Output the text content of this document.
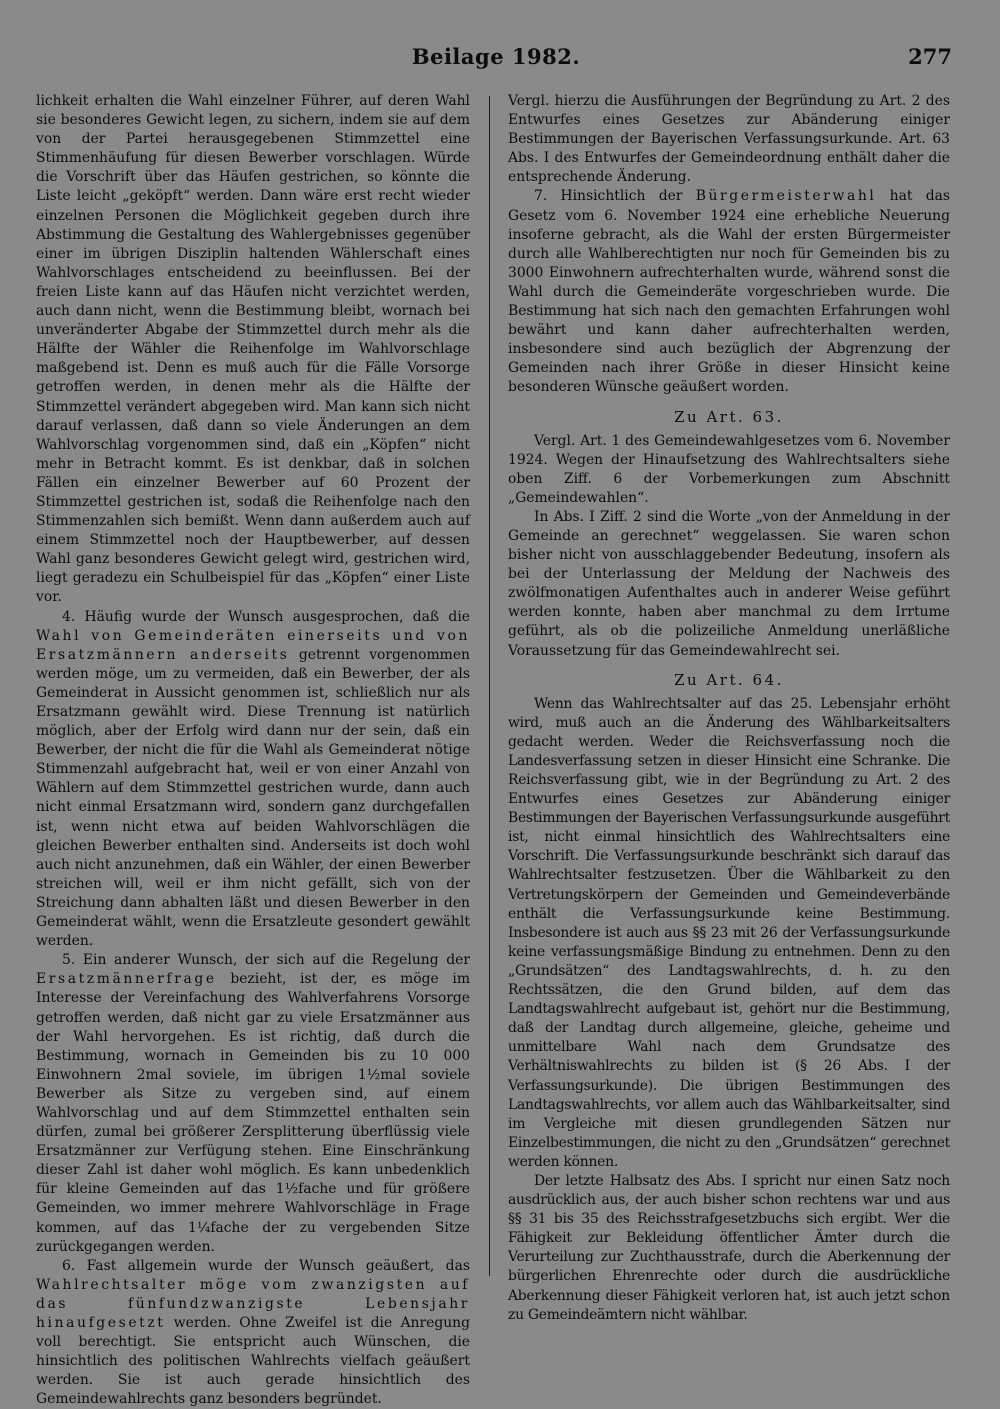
Beilage 1982.	277

lichkeit erhalten die Wahl einzelner Führer, auf deren Wahl sie besonderes Gewicht legen, zu sichern, indem sie auf dem von der Partei herausgegebenen Stimmzettel eine Stimmenhäufung für diesen Bewerber vorschlagen. Würde die Vorschrift über das Häufen gestrichen, so könnte die Liste leicht „geköpft“ werden. Dann wäre erst recht wieder einzelnen Personen die Möglichkeit gegeben durch ihre Abstimmung die Gestaltung des Wahlergebnisses gegenüber einer im übrigen Disziplin haltenden Wählerschaft eines Wahlvorschlages entscheidend zu beeinflussen. Bei der freien Liste kann auf das Häufen nicht verzichtet werden, auch dann nicht, wenn die Bestimmung bleibt, wornach bei unveränderter Abgabe der Stimmzettel durch mehr als die Hälfte der Wähler die Reihenfolge im Wahlvorschlage maßgebend ist. Denn es muß auch für die Fälle Vorsorge getroffen werden, in denen mehr als die Hälfte der Stimmzettel verändert abgegeben wird. Man kann sich nicht darauf verlassen, daß dann so viele Änderungen an dem Wahlvorschlag vorgenommen sind, daß ein „Köpfen“ nicht mehr in Betracht kommt. Es ist denkbar, daß in solchen Fällen ein einzelner Bewerber auf 60 Prozent der Stimmzettel gestrichen ist, sodaß die Reihenfolge nach den Stimmenzahlen sich bemißt. Wenn dann außerdem auch auf einem Stimmzettel noch der Hauptbewerber, auf dessen Wahl ganz besonderes Gewicht gelegt wird, gestrichen wird, liegt geradezu ein Schulbeispiel für das „Köpfen“ einer Liste vor.

4. Häufig wurde der Wunsch ausgesprochen, daß die Wahl von Gemeinderäten einerseits und von Ersatzmännern anderseits getrennt vorgenommen werden möge, um zu vermeiden, daß ein Bewerber, der als Gemeinderat in Aussicht genommen ist, schließlich nur als Ersatzmann gewählt wird. Diese Trennung ist natürlich möglich, aber der Erfolg wird dann nur der sein, daß ein Bewerber, der nicht die für die Wahl als Gemeinderat nötige Stimmenzahl aufgebracht hat, weil er von einer Anzahl von Wählern auf dem Stimmzettel gestrichen wurde, dann auch nicht einmal Ersatzmann wird, sondern ganz durchgefallen ist, wenn nicht etwa auf beiden Wahlvorschlägen die gleichen Bewerber enthalten sind. Anderseits ist doch wohl auch nicht anzunehmen, daß ein Wähler, der einen Bewerber streichen will, weil er ihm nicht gefällt, sich von der Streichung dann abhalten läßt und diesen Bewerber in den Gemeinderat wählt, wenn die Ersatzleute gesondert gewählt werden.

5. Ein anderer Wunsch, der sich auf die Regelung der Ersatzmännerfrage bezieht, ist der, es möge im Interesse der Vereinfachung des Wahlverfahrens Vorsorge getroffen werden, daß nicht gar zu viele Ersatzmänner aus der Wahl hervorgehen. Es ist richtig, daß durch die Bestimmung, wornach in Gemeinden bis zu 10 000 Einwohnern 2mal soviele, im übrigen 1½mal soviele Bewerber als Sitze zu vergeben sind, auf einem Wahlvorschlag und auf dem Stimmzettel enthalten sein dürfen, zumal bei größerer Zersplitterung überflüssig viele Ersatzmänner zur Verfügung stehen. Eine Einschränkung dieser Zahl ist daher wohl möglich. Es kann unbedenklich für kleine Gemeinden auf das 1½fache und für größere Gemeinden, wo immer mehrere Wahlvorschläge in Frage kommen, auf das 1¼fache der zu vergebenden Sitze zurückgegangen werden.

6. Fast allgemein wurde der Wunsch geäußert, das Wahlrechtsalter möge vom zwanzigsten auf das fünfundzwanzigste Lebensjahr hinaufgesetzt werden. Ohne Zweifel ist die Anregung voll berechtigt. Sie entspricht auch Wünschen, die hinsichtlich des politischen Wahlrechts vielfach geäußert werden. Sie ist auch gerade hinsichtlich des Gemeindewahlrechts ganz besonders begründet.

Vergl. hierzu die Ausführungen der Begründung zu Art. 2 des Entwurfes eines Gesetzes zur Abänderung einiger Bestimmungen der Bayerischen Verfassungsurkunde. Art. 63 Abs. I des Entwurfes der Gemeindeordnung enthält daher die entsprechende Änderung.

7. Hinsichtlich der Bürgermeisterwahl hat das Gesetz vom 6. November 1924 eine erhebliche Neuerung insoferne gebracht, als die Wahl der ersten Bürgermeister durch alle Wahlberechtigten nur noch für Gemeinden bis zu 3000 Einwohnern aufrechterhalten wurde, während sonst die Wahl durch die Gemeinderäte vorgeschrieben wurde. Die Bestimmung hat sich nach den gemachten Erfahrungen wohl bewährt und kann daher aufrechterhalten werden, insbesondere sind auch bezüglich der Abgrenzung der Gemeinden nach ihrer Größe in dieser Hinsicht keine besonderen Wünsche geäußert worden.

Zu Art. 63.

Vergl. Art. 1 des Gemeindewahlgesetzes vom 6. November 1924. Wegen der Hinaufsetzung des Wahlrechtsalters siehe oben Ziff. 6 der Vorbemerkungen zum Abschnitt „Gemeindewahlen“.

In Abs. I Ziff. 2 sind die Worte „von der Anmeldung in der Gemeinde an gerechnet“ weggelassen. Sie waren schon bisher nicht von ausschlaggebender Bedeutung, insofern als bei der Unterlassung der Meldung der Nachweis des zwölfmonatigen Aufenthaltes auch in anderer Weise geführt werden konnte, haben aber manchmal zu dem Irrtume geführt, als ob die polizeiliche Anmeldung unerläßliche Voraussetzung für das Gemeindewahlrecht sei.

Zu Art. 64.

Wenn das Wahlrechtsalter auf das 25. Lebensjahr erhöht wird, muß auch an die Änderung des Wählbarkeitsalters gedacht werden. Weder die Reichsverfassung noch die Landesverfassung setzen in dieser Hinsicht eine Schranke. Die Reichsverfassung gibt, wie in der Begründung zu Art. 2 des Entwurfes eines Gesetzes zur Abänderung einiger Bestimmungen der Bayerischen Verfassungsurkunde ausgeführt ist, nicht einmal hinsichtlich des Wahlrechtsalters eine Vorschrift. Die Verfassungsurkunde beschränkt sich darauf das Wahlrechtsalter festzusetzen. Über die Wählbarkeit zu den Vertretungskörpern der Gemeinden und Gemeindeverbände enthält die Verfassungsurkunde keine Bestimmung. Insbesondere ist auch aus §§ 23 mit 26 der Verfassungsurkunde keine verfassungsmäßige Bindung zu entnehmen. Denn zu den „Grundsätzen“ des Landtagswahlrechts, d. h. zu den Rechtssätzen, die den Grund bilden, auf dem das Landtagswahlrecht aufgebaut ist, gehört nur die Bestimmung, daß der Landtag durch allgemeine, gleiche, geheime und unmittelbare Wahl nach dem Grundsatze des Verhältniswahlrechts zu bilden ist (§ 26 Abs. I der Verfassungsurkunde). Die übrigen Bestimmungen des Landtagswahlrechts, vor allem auch das Wählbarkeitsalter, sind im Vergleiche mit diesen grundlegenden Sätzen nur Einzelbestimmungen, die nicht zu den „Grundsätzen“ gerechnet werden können.

Der letzte Halbsatz des Abs. I spricht nur einen Satz noch ausdrücklich aus, der auch bisher schon rechtens war und aus §§ 31 bis 35 des Reichsstrafgesetzbuchs sich ergibt. Wer die Fähigkeit zur Bekleidung öffentlicher Ämter durch die Verurteilung zur Zuchthausstrafe, durch die Aberkennung der bürgerlichen Ehrenrechte oder durch die ausdrückliche Aberkennung dieser Fähigkeit verloren hat, ist auch jetzt schon zu Gemeindeämtern nicht wählbar.
